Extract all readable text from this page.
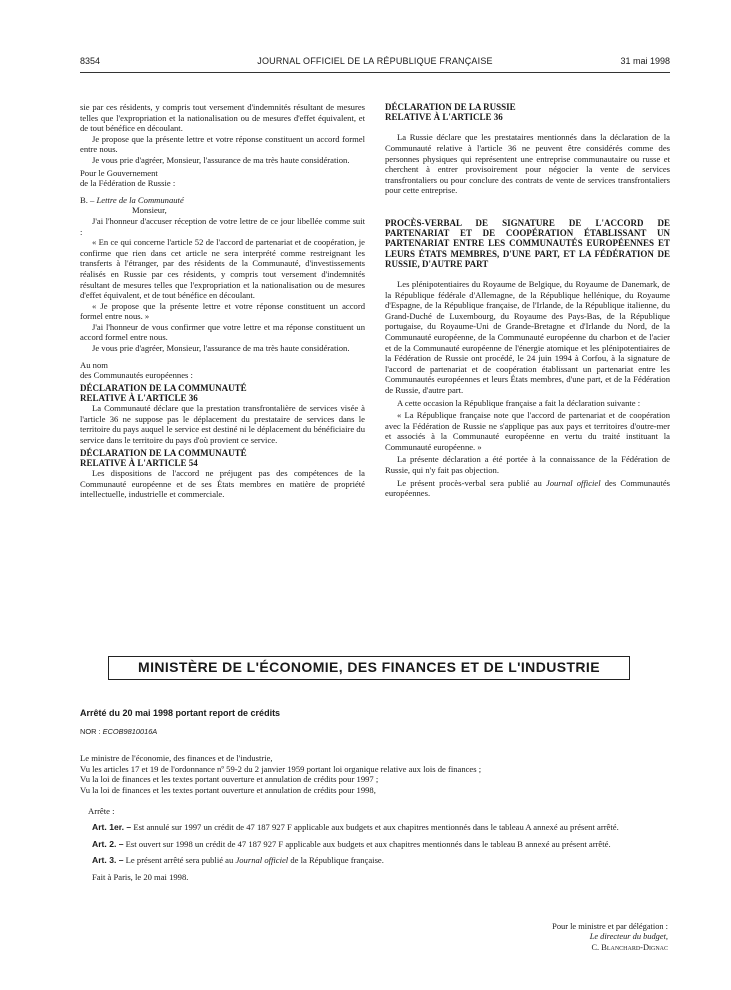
8354	JOURNAL OFFICIEL DE LA RÉPUBLIQUE FRANÇAISE	31 mai 1998

sie par ces résidents, y compris tout versement d'indemnités résultant de mesures telles que l'expropriation et la nationalisation ou de mesures d'effet équivalent, et de tout bénéfice en découlant.

Je propose que la présente lettre et votre réponse constituent un accord formel entre nous.

Je vous prie d'agréer, Monsieur, l'assurance de ma très haute considération.

Pour le Gouvernement

de la Fédération de Russie :

B. – Lettre de la Communauté

Monsieur,

J'ai l'honneur d'accuser réception de votre lettre de ce jour libellée comme suit :

« En ce qui concerne l'article 52 de l'accord de partenariat et de coopération, je confirme que rien dans cet article ne sera interprété comme restreignant les transferts à l'étranger, par des résidents de la Communauté, d'investissements réalisés en Russie par ces résidents, y compris tout versement d'indemnités résultant de mesures telles que l'expropriation et la nationalisation ou de mesures d'effet équivalent, et de tout bénéfice en découlant.

« Je propose que la présente lettre et votre réponse constituent un accord formel entre nous. »

J'ai l'honneur de vous confirmer que votre lettre et ma réponse constituent un accord formel entre nous.

Je vous prie d'agréer, Monsieur, l'assurance de ma très haute considération.

Au nom

des Communautés européennes :

DÉCLARATION DE LA COMMUNAUTÉ

RELATIVE À L'ARTICLE 36

La Communauté déclare que la prestation transfrontalière de services visée à l'article 36 ne suppose pas le déplacement du prestataire de services dans le territoire du pays auquel le service est destiné ni le déplacement du bénéficiaire du service dans le territoire du pays d'où provient ce service.

DÉCLARATION DE LA COMMUNAUTÉ

RELATIVE À L'ARTICLE 54

Les dispositions de l'accord ne préjugent pas des compétences de la Communauté européenne et de ses États membres en matière de propriété intellectuelle, industrielle et commerciale.

DÉCLARATION DE LA RUSSIE

RELATIVE À L'ARTICLE 36

La Russie déclare que les prestataires mentionnés dans la déclaration de la Communauté relative à l'article 36 ne peuvent être considérés comme des personnes physiques qui représentent une entreprise communautaire ou russe et cherchent à entrer provisoirement pour négocier la vente de services transfrontaliers ou pour conclure des contrats de vente de services transfrontaliers pour cette entreprise.

PROCÈS-VERBAL DE SIGNATURE DE L'ACCORD DE PARTENARIAT ET DE COOPÉRATION ÉTABLISSANT UN PARTENARIAT ENTRE LES COMMUNAUTÉS EUROPÉENNES ET LEURS ÉTATS MEMBRES, D'UNE PART, ET LA FÉDÉRATION DE RUSSIE, D'AUTRE PART

Les plénipotentiaires du Royaume de Belgique, du Royaume de Danemark, de la République fédérale d'Allemagne, de la République hellénique, du Royaume d'Espagne, de la République française, de l'Irlande, de la République italienne, du Grand-Duché de Luxembourg, du Royaume des Pays-Bas, de la République portugaise, du Royaume-Uni de Grande-Bretagne et d'Irlande du Nord, de la Communauté européenne, de la Communauté européenne du charbon et de l'acier et de la Communauté européenne de l'énergie atomique et les plénipotentiaires de la Fédération de Russie ont procédé, le 24 juin 1994 à Corfou, à la signature de l'accord de partenariat et de coopération établissant un partenariat entre les Communautés européennes et leurs États membres, d'une part, et de la Fédération de Russie, d'autre part.

A cette occasion la République française a fait la déclaration suivante :

« La République française note que l'accord de partenariat et de coopération avec la Fédération de Russie ne s'applique pas aux pays et territoires d'outre-mer et associés à la Communauté européenne en vertu du traité instituant la Communauté européenne. »

La présente déclaration a été portée à la connaissance de la Fédération de Russie, qui n'y fait pas objection.

Le présent procès-verbal sera publié au Journal officiel des Communautés européennes.

MINISTÈRE DE L'ÉCONOMIE, DES FINANCES ET DE L'INDUSTRIE

Arrêté du 20 mai 1998 portant report de crédits

NOR : ECOB9810016A

Le ministre de l'économie, des finances et de l'industrie,

Vu les articles 17 et 19 de l'ordonnance nº 59-2 du 2 janvier 1959 portant loi organique relative aux lois de finances ;

Vu la loi de finances et les textes portant ouverture et annulation de crédits pour 1997 ;

Vu la loi de finances et les textes portant ouverture et annulation de crédits pour 1998,

Arrête :

Art. 1er. – Est annulé sur 1997 un crédit de 47 187 927 F applicable aux budgets et aux chapitres mentionnés dans le tableau A annexé au présent arrêté.

Art. 2. – Est ouvert sur 1998 un crédit de 47 187 927 F applicable aux budgets et aux chapitres mentionnés dans le tableau B annexé au présent arrêté.

Art. 3. – Le présent arrêté sera publié au Journal officiel de la République française.

Fait à Paris, le 20 mai 1998.

Pour le ministre et par délégation :
Le directeur du budget,
C. Blanchard-Dignac
